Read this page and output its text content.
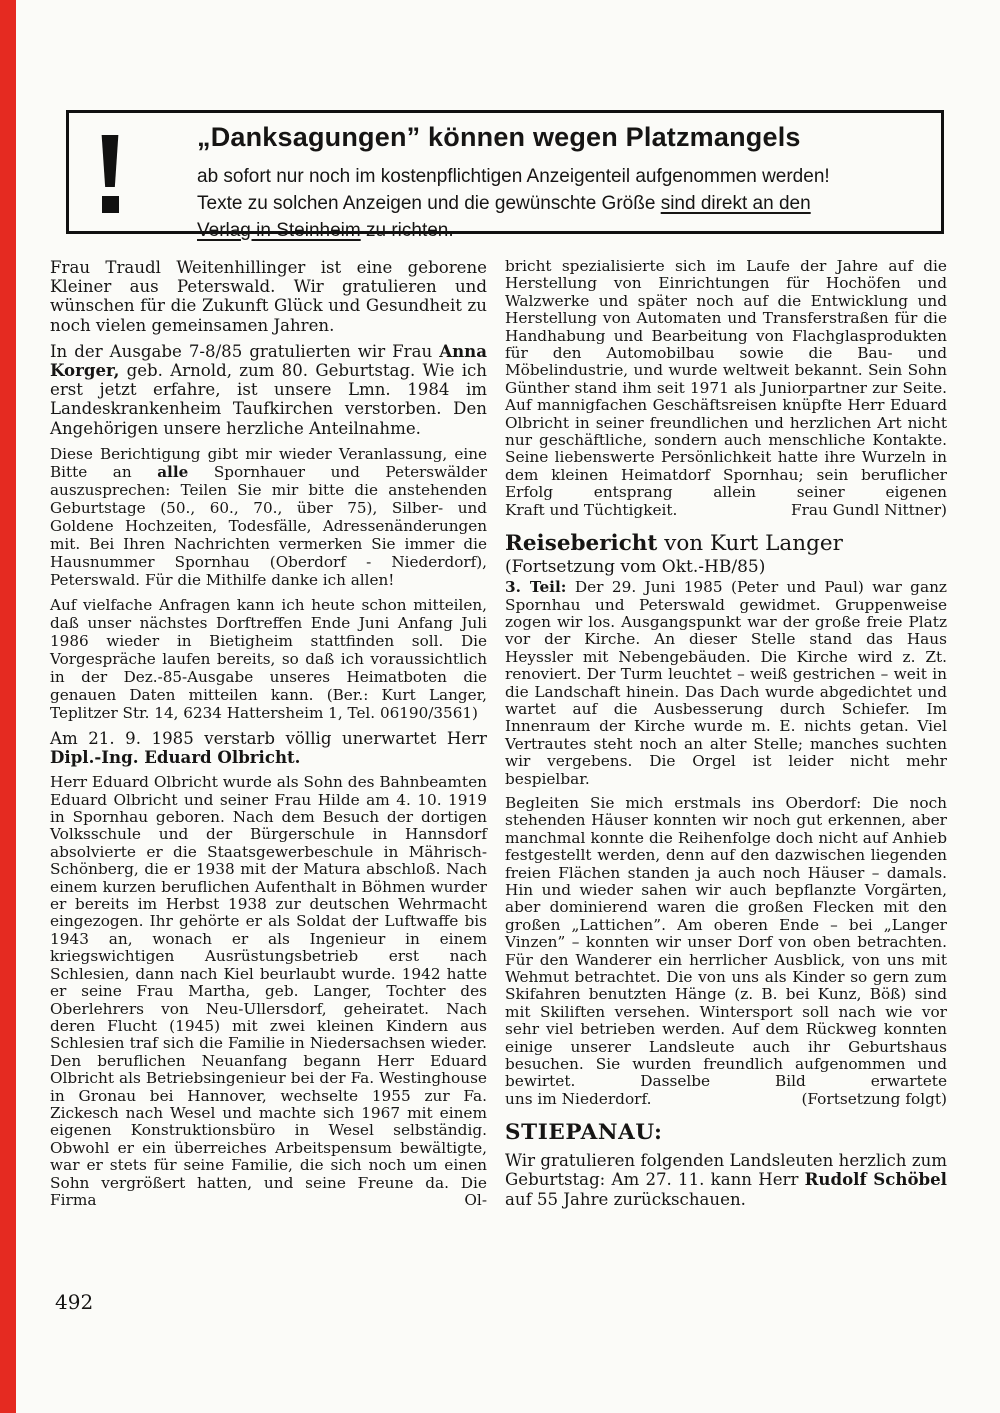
„Danksagungen” können wegen Platzmangels
ab sofort nur noch im kostenpflichtigen Anzeigenteil aufgenommen werden!
Texte zu solchen Anzeigen und die gewünschte Größe sind direkt an den
Verlag in Steinheim zu richten.
Frau Traudl Weitenhillinger ist eine geborene Kleiner aus Peterswald. Wir gratulieren und wünschen für die Zukunft Glück und Gesundheit zu noch vielen gemeinsamen Jahren.
In der Ausgabe 7-8/85 gratulierten wir Frau Anna Korger, geb. Arnold, zum 80. Geburtstag. Wie ich erst jetzt erfahre, ist unsere Lmn. 1984 im Landeskrankenheim Taufkirchen verstorben. Den Angehörigen unsere herzliche Anteilnahme.
Diese Berichtigung gibt mir wieder Veranlassung, eine Bitte an alle Spornhauer und Peterswälder auszusprechen: Teilen Sie mir bitte die anstehenden Geburtstage (50., 60., 70., über 75), Silber- und Goldene Hochzeiten, Todesfälle, Adressenänderungen mit. Bei Ihren Nachrichten vermerken Sie immer die Hausnummer Spornhau (Oberdorf - Niederdorf), Peterswald. Für die Mithilfe danke ich allen!
Auf vielfache Anfragen kann ich heute schon mitteilen, daß unser nächstes Dorftreffen Ende Juni Anfang Juli 1986 wieder in Bietigheim stattfinden soll. Die Vorgespräche laufen bereits, so daß ich voraussichtlich in der Dez.-85-Ausgabe unseres Heimatboten die genauen Daten mitteilen kann. (Ber.: Kurt Langer, Teplitzer Str. 14, 6234 Hattersheim 1, Tel. 06190/3561)
Am 21. 9. 1985 verstarb völlig unerwartet Herr Dipl.-Ing. Eduard Olbricht.
Herr Eduard Olbricht wurde als Sohn des Bahnbeamten Eduard Olbricht und seiner Frau Hilde am 4. 10. 1919 in Spornhau geboren. Nach dem Besuch der dortigen Volksschule und der Bürgerschule in Hannsdorf absolvierte er die Staatsgewerbeschule in Mährisch-Schönberg, die er 1938 mit der Matura abschloß. Nach einem kurzen beruflichen Aufenthalt in Böhmen wurder er bereits im Herbst 1938 zur deutschen Wehrmacht eingezogen. Ihr gehörte er als Soldat der Luftwaffe bis 1943 an, wonach er als Ingenieur in einem kriegswichtigen Ausrüstungsbetrieb erst nach Schlesien, dann nach Kiel beurlaubt wurde. 1942 hatte er seine Frau Martha, geb. Langer, Tochter des Oberlehrers von Neu-Ullersdorf, geheiratet. Nach deren Flucht (1945) mit zwei kleinen Kindern aus Schlesien traf sich die Familie in Niedersachsen wieder. Den beruflichen Neuanfang begann Herr Eduard Olbricht als Betriebsingenieur bei der Fa. Westinghouse in Gronau bei Hannover, wechselte 1955 zur Fa. Zickesch nach Wesel und machte sich 1967 mit einem eigenen Konstruktionsbüro in Wesel selbständig. Obwohl er ein überreiches Arbeitspensum bewältigte, war er stets für seine Familie, die sich noch um einen Sohn vergrößert hatten, und seine Freune da. Die Firma Ol-
bricht spezialisierte sich im Laufe der Jahre auf die Herstellung von Einrichtungen für Hochöfen und Walzwerke und später noch auf die Entwicklung und Herstellung von Automaten und Transferstraßen für die Handhabung und Bearbeitung von Flachglasprodukten für den Automobilbau sowie die Bau- und Möbelindustrie, und wurde weltweit bekannt. Sein Sohn Günther stand ihm seit 1971 als Juniorpartner zur Seite. Auf mannigfachen Geschäftsreisen knüpfte Herr Eduard Olbricht in seiner freundlichen und herzlichen Art nicht nur geschäftliche, sondern auch menschliche Kontakte. Seine liebenswerte Persönlichkeit hatte ihre Wurzeln in dem kleinen Heimatdorf Spornhau; sein beruflicher Erfolg entsprang allein seiner eigenen
Kraft und Tüchtigkeit.	Frau Gundl Nittner)
Reisebericht von Kurt Langer
(Fortsetzung vom Okt.-HB/85)
3. Teil: Der 29. Juni 1985 (Peter und Paul) war ganz Spornhau und Peterswald gewidmet. Gruppenweise zogen wir los. Ausgangspunkt war der große freie Platz vor der Kirche. An dieser Stelle stand das Haus Heyssler mit Nebengebäuden. Die Kirche wird z. Zt. renoviert. Der Turm leuchtet – weiß gestrichen – weit in die Landschaft hinein. Das Dach wurde abgedichtet und wartet auf die Ausbesserung durch Schiefer. Im Innenraum der Kirche wurde m. E. nichts getan. Viel Vertrautes steht noch an alter Stelle; manches suchten wir vergebens. Die Orgel ist leider nicht mehr bespielbar.
Begleiten Sie mich erstmals ins Oberdorf: Die noch stehenden Häuser konnten wir noch gut erkennen, aber manchmal konnte die Reihenfolge doch nicht auf Anhieb festgestellt werden, denn auf den dazwischen liegenden freien Flächen standen ja auch noch Häuser – damals. Hin und wieder sahen wir auch bepflanzte Vorgärten, aber dominierend waren die großen Flecken mit den großen „Lattichen”. Am oberen Ende – bei „Langer Vinzen” – konnten wir unser Dorf von oben betrachten. Für den Wanderer ein herrlicher Ausblick, von uns mit Wehmut betrachtet. Die von uns als Kinder so gern zum Skifahren benutzten Hänge (z. B. bei Kunz, Böß) sind mit Skiliften versehen. Wintersport soll nach wie vor sehr viel betrieben werden. Auf dem Rückweg konnten einige unserer Landsleute auch ihr Geburtshaus besuchen. Sie wurden freundlich aufgenommen und bewirtet. Dasselbe Bild erwartete
uns im Niederdorf.	(Fortsetzung folgt)
STIEPANAU:
Wir gratulieren folgenden Landsleuten herzlich zum Geburtstag: Am 27. 11. kann Herr Rudolf Schöbel auf 55 Jahre zurückschauen.
492
